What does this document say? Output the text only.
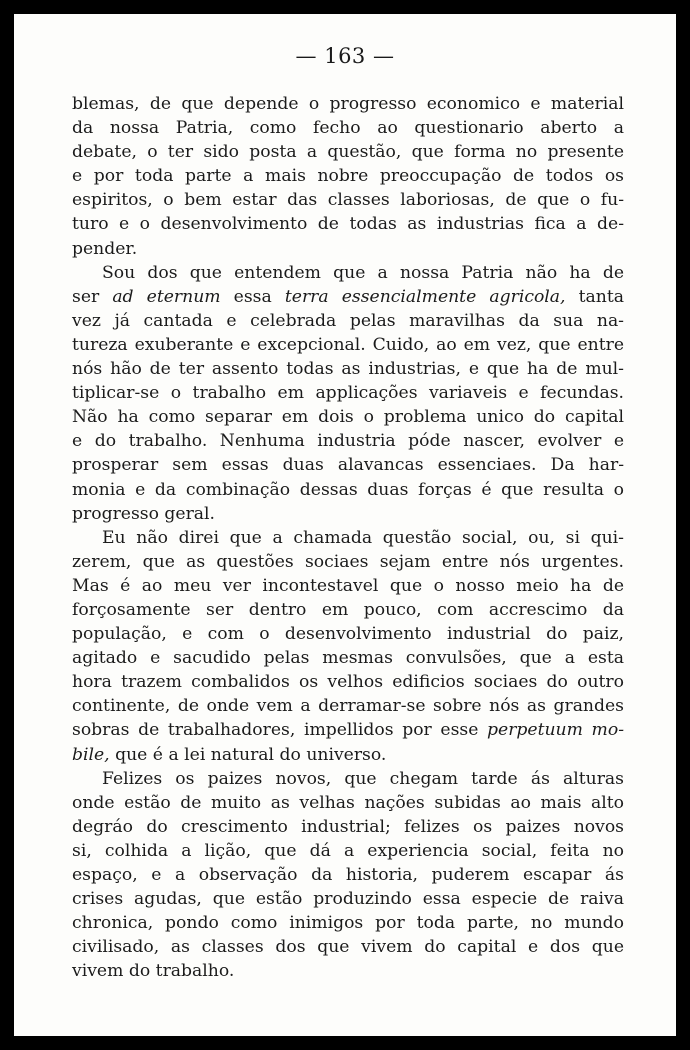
— 163 —
blemas, de que depende o progresso economico e material
da nossa Patria, como fecho ao questionario aberto a
debate, o ter sido posta a questão, que forma no presente
e por toda parte a mais nobre preoccupação de todos os
espiritos, o bem estar das classes laboriosas, de que o fu-
turo e o desenvolvimento de todas as industrias fica a de-
pender.
Sou dos que entendem que a nossa Patria não ha de
ser ad eternum essa terra essencialmente agricola, tanta
vez já cantada e celebrada pelas maravilhas da sua na-
tureza exuberante e excepcional. Cuido, ao em vez, que entre
nós hão de ter assento todas as industrias, e que ha de mul-
tiplicar-se o trabalho em applicações variaveis e fecundas.
Não ha como separar em dois o problema unico do capital
e do trabalho. Nenhuma industria póde nascer, evolver e
prosperar sem essas duas alavancas essenciaes. Da har-
monia e da combinação dessas duas forças é que resulta o
progresso geral.
Eu não direi que a chamada questão social, ou, si qui-
zerem, que as questões sociaes sejam entre nós urgentes.
Mas é ao meu ver incontestavel que o nosso meio ha de
forçosamente ser dentro em pouco, com accrescimo da
população, e com o desenvolvimento industrial do paiz,
agitado e sacudido pelas mesmas convulsões, que a esta
hora trazem combalidos os velhos edificios sociaes do outro
continente, de onde vem a derramar-se sobre nós as grandes
sobras de trabalhadores, impellidos por esse perpetuum mo-
bile, que é a lei natural do universo.
Felizes os paizes novos, que chegam tarde ás alturas
onde estão de muito as velhas nações subidas ao mais alto
degráo do crescimento industrial; felizes os paizes novos
si, colhida a lição, que dá a experiencia social, feita no
espaço, e a observação da historia, puderem escapar ás
crises agudas, que estão produzindo essa especie de raiva
chronica, pondo como inimigos por toda parte, no mundo
civilisado, as classes dos que vivem do capital e dos que
vivem do trabalho.
